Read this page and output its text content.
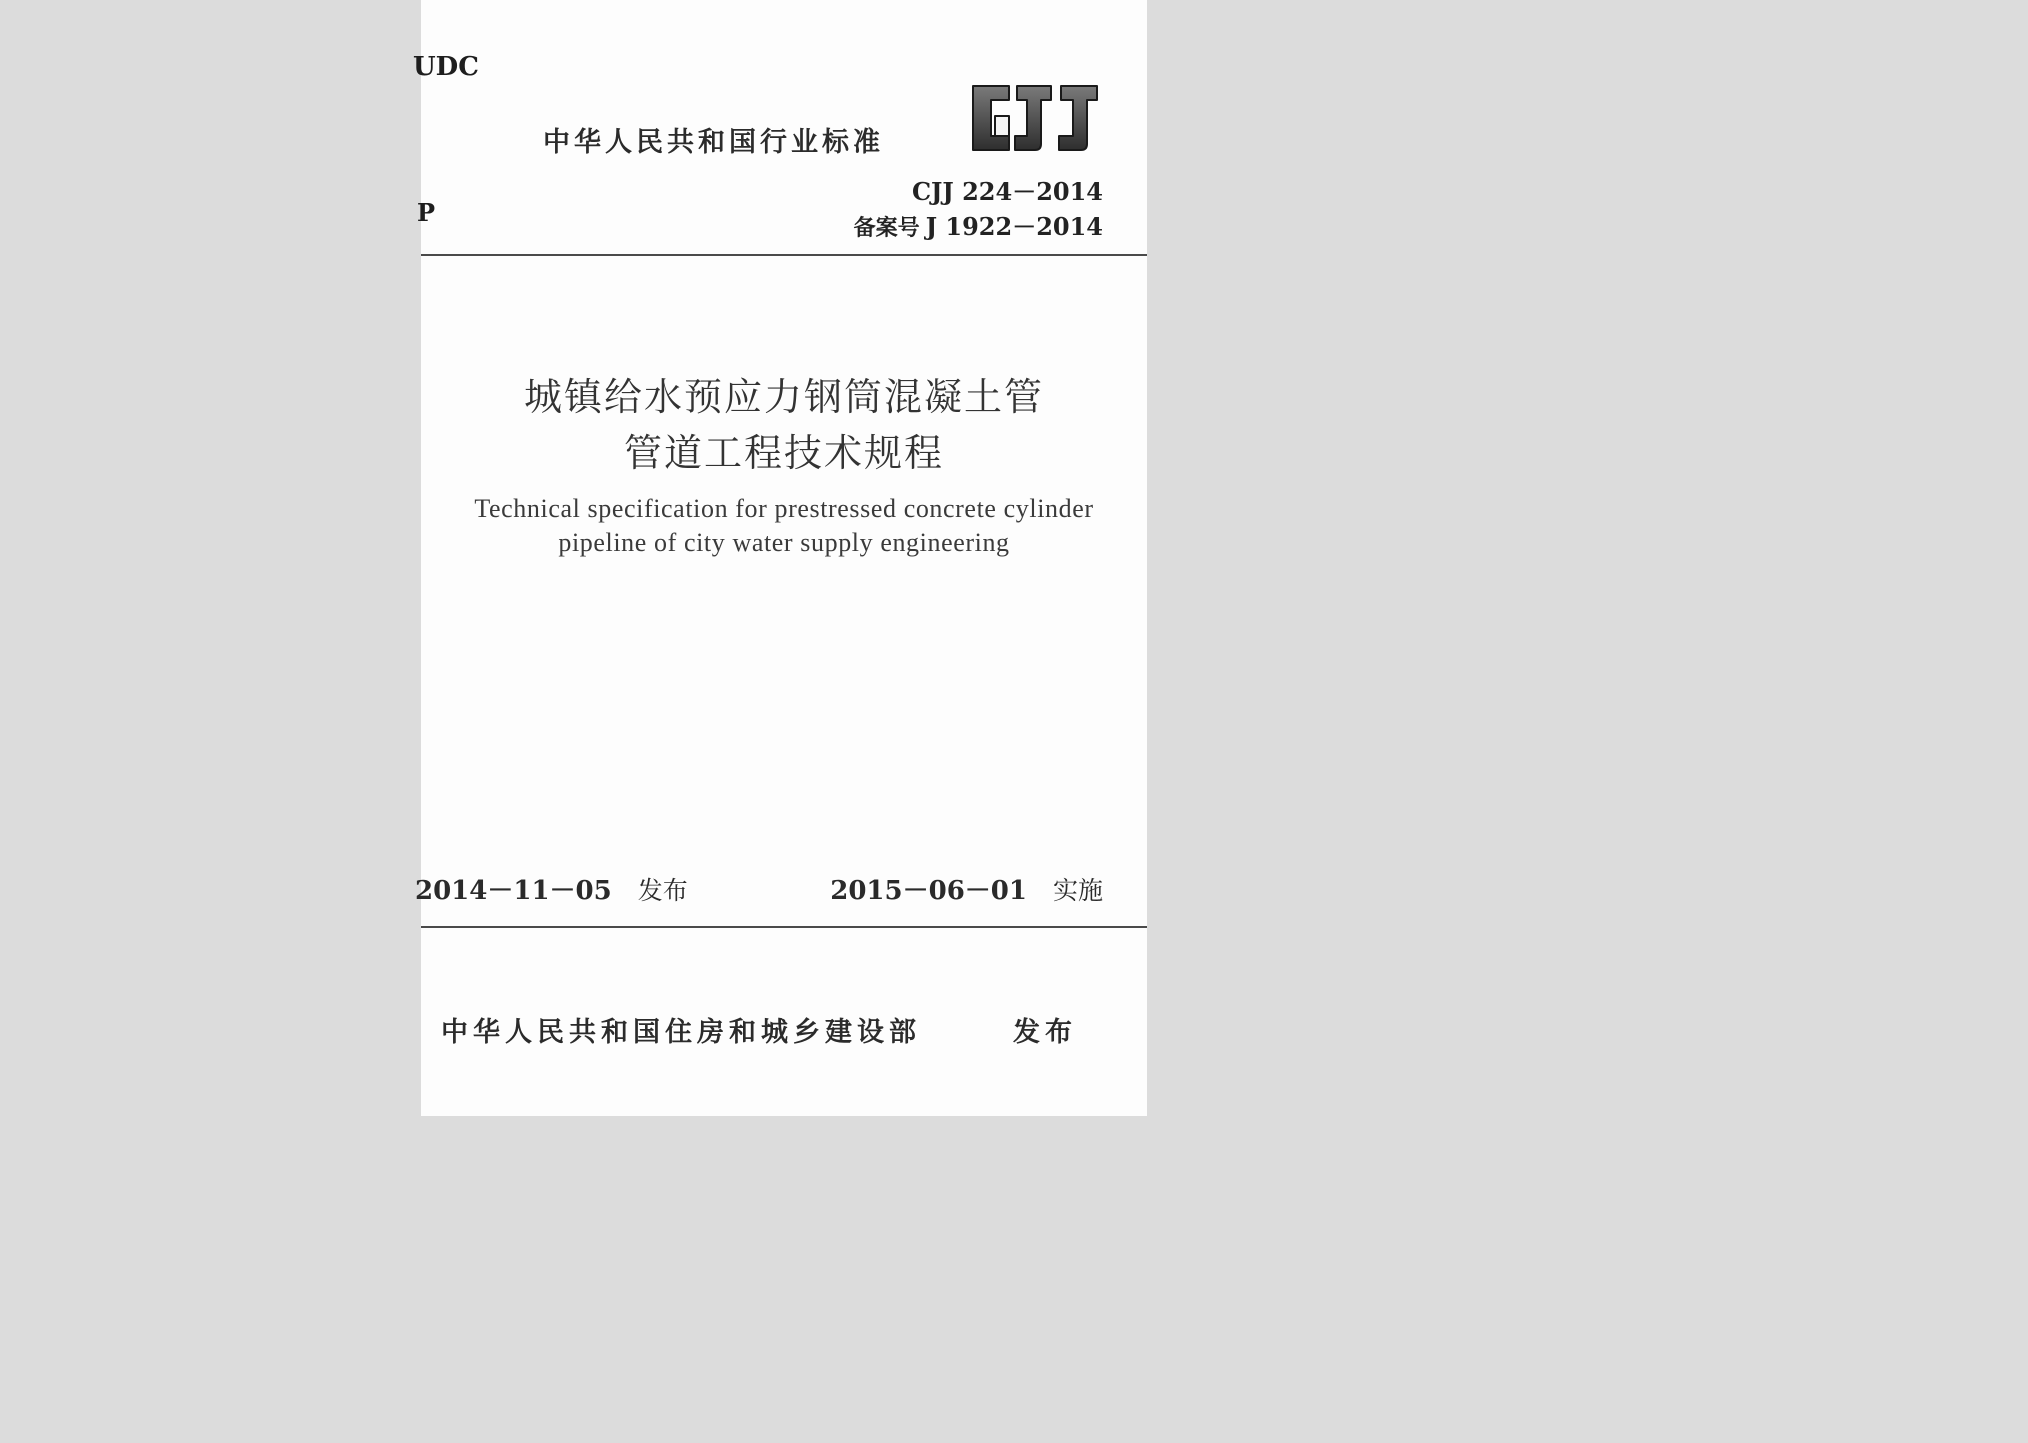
UDC
P
中华人民共和国行业标准
CJJ 224－2014
备案号 J 1922－2014
城镇给水预应力钢筒混凝土管
管道工程技术规程
Technical specification for prestressed concrete cylinder
pipeline of city water supply engineering
2014－11－05 发布	2015－06－01 实施
中华人民共和国住房和城乡建设部	发布
